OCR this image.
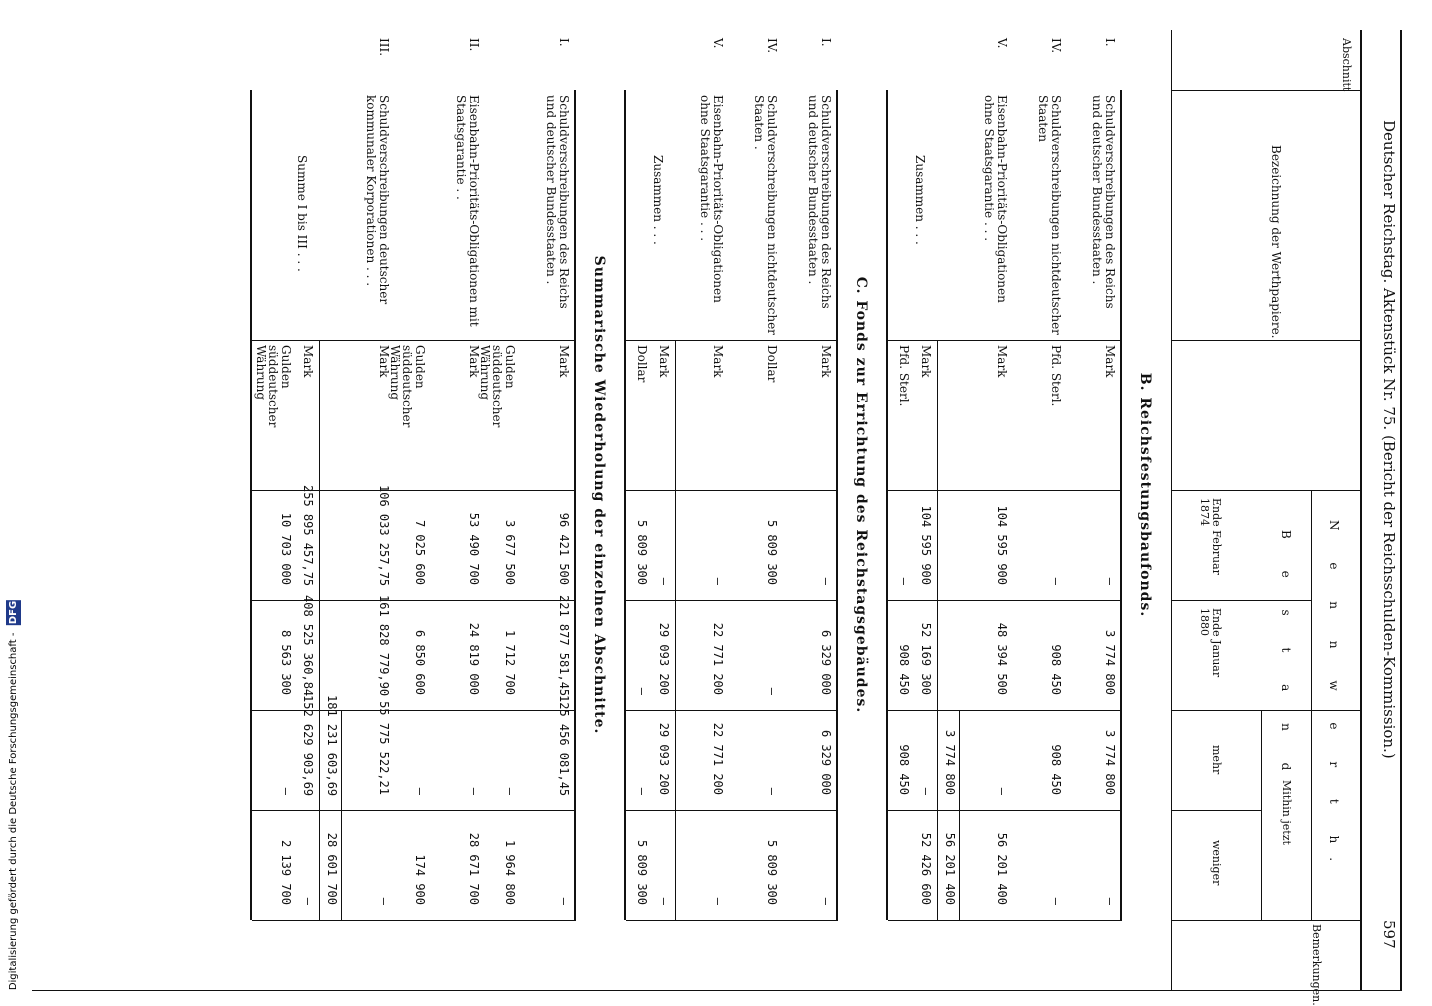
Deutscher Reichstag. Aktenstück Nr. 75. (Bericht der Reichsschulden-Kommission.)
597
Abschnitt
Bezeichnung der Werthpapiere.
N e n n w e r t h.
B e s t a n d
Ende Februar 1874
Ende Januar 1880
Mithin jetzt
mehr
weniger
Bemerkungen.
B. Reichsfestungsbaufonds.
I.
Schuldverschreibungen des Reichs und deutscher Bundesstaaten .
Mark
—
3 774 800
3 774 800
—
IV.
Schuldverschreibungen nichtdeutscher Staaten
Pfd. Sterl.
—
908 450
908 450
—
V.
Eisenbahn-Prioritäts-Obligationen ohne Staatsgarantie . . .
Mark
104 595 900
48 394 500
—
56 201 400
3 774 800
56 201 400
Zusammen . . .
Mark
104 595 900
52 169 300
—
52 426 600
Pfd. Sterl.
—
908 450
908 450
C. Fonds zur Errichtung des Reichstagsgebäudes.
I.
Schuldverschreibungen des Reichs und deutscher Bundesstaaten .
Mark
—
6 329 000
6 329 000
—
IV.
Schuldverschreibungen nichtdeutscher Staaten .
Dollar
5 809 300
—
—
5 809 300
V.
Eisenbahn-Prioritäts-Obligationen ohne Staatsgarantie . . .
Mark
—
22 771 200
22 771 200
—
Zusammen . . .
Mark
—
29 093 200
29 093 200
—
Dollar
5 809 300
—
—
5 809 300
Summarische Wiederholung der einzelnen Abschnitte.
I.
Schuldverschreibungen des Reichs und deutscher Bundesstaaten .
Mark
96 421 500
221 877 581,45
125 456 081,45
—
Gulden süddeutscher Währung
3 677 500
1 712 700
—
1 964 800
II.
Eisenbahn-Prioritäts-Obligationen mit Staatsgarantie . .
Mark
53 490 700
24 819 000
—
28 671 700
Gulden süddeutscher Währung
7 025 600
6 850 600
—
174 900
III.
Schuldverschreibungen deutscher kommunaler Korporationen . . .
Mark
106 033 257,75
161 828 779,90
55 775 522,21
—
181 231 603,69
28 601 700
Summe I bis III . . .
Mark
255 895 457,75
408 525 360,84
152 629 903,69
—
Gulden süddeutscher Währung
10 703 000
8 563 300
—
2 139 700
Digitalisierung gefördert durch die Deutsche Forschungsgemeinschaft - DFG
